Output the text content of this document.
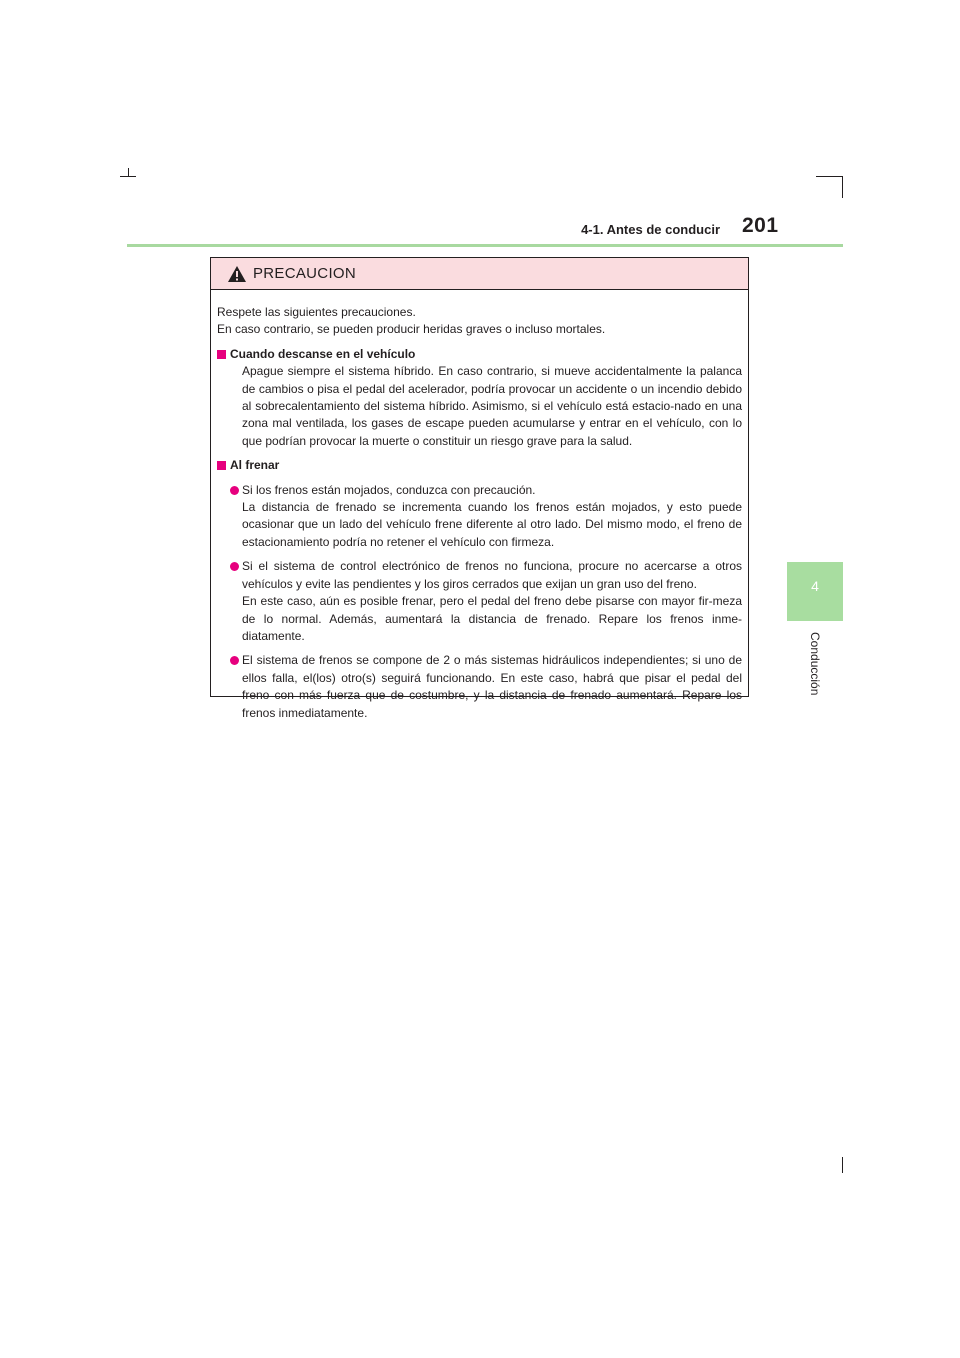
4-1. Antes de conducir 201
4
Conducción
PRECAUCION

Respete las siguientes precauciones.

En caso contrario, se pueden producir heridas graves o incluso mortales.

Cuando descanse en el vehículo

Apague siempre el sistema híbrido. En caso contrario, si mueve accidentalmente la palanca de cambios o pisa el pedal del acelerador, podría provocar un accidente o un incendio debido al sobrecalentamiento del sistema híbrido. Asimismo, si el vehículo está estacio-nado en una zona mal ventilada, los gases de escape pueden acumularse y entrar en el vehículo, con lo que podrían provocar la muerte o constituir un riesgo grave para la salud.

Al frenar

Si los frenos están mojados, conduzca con precaución.

La distancia de frenado se incrementa cuando los frenos están mojados, y esto puede ocasionar que un lado del vehículo frene diferente al otro lado. Del mismo modo, el freno de estacionamiento podría no retener el vehículo con firmeza.

Si el sistema de control electrónico de frenos no funciona, procure no acercarse a otros vehículos y evite las pendientes y los giros cerrados que exijan un gran uso del freno.

En este caso, aún es posible frenar, pero el pedal del freno debe pisarse con mayor fir-meza de lo normal. Además, aumentará la distancia de frenado. Repare los frenos inme-diatamente.

El sistema de frenos se compone de 2 o más sistemas hidráulicos independientes; si uno de ellos falla, el(los) otro(s) seguirá funcionando. En este caso, habrá que pisar el pedal del freno con más fuerza que de costumbre, y la distancia de frenado aumentará. Repare los frenos inmediatamente.
